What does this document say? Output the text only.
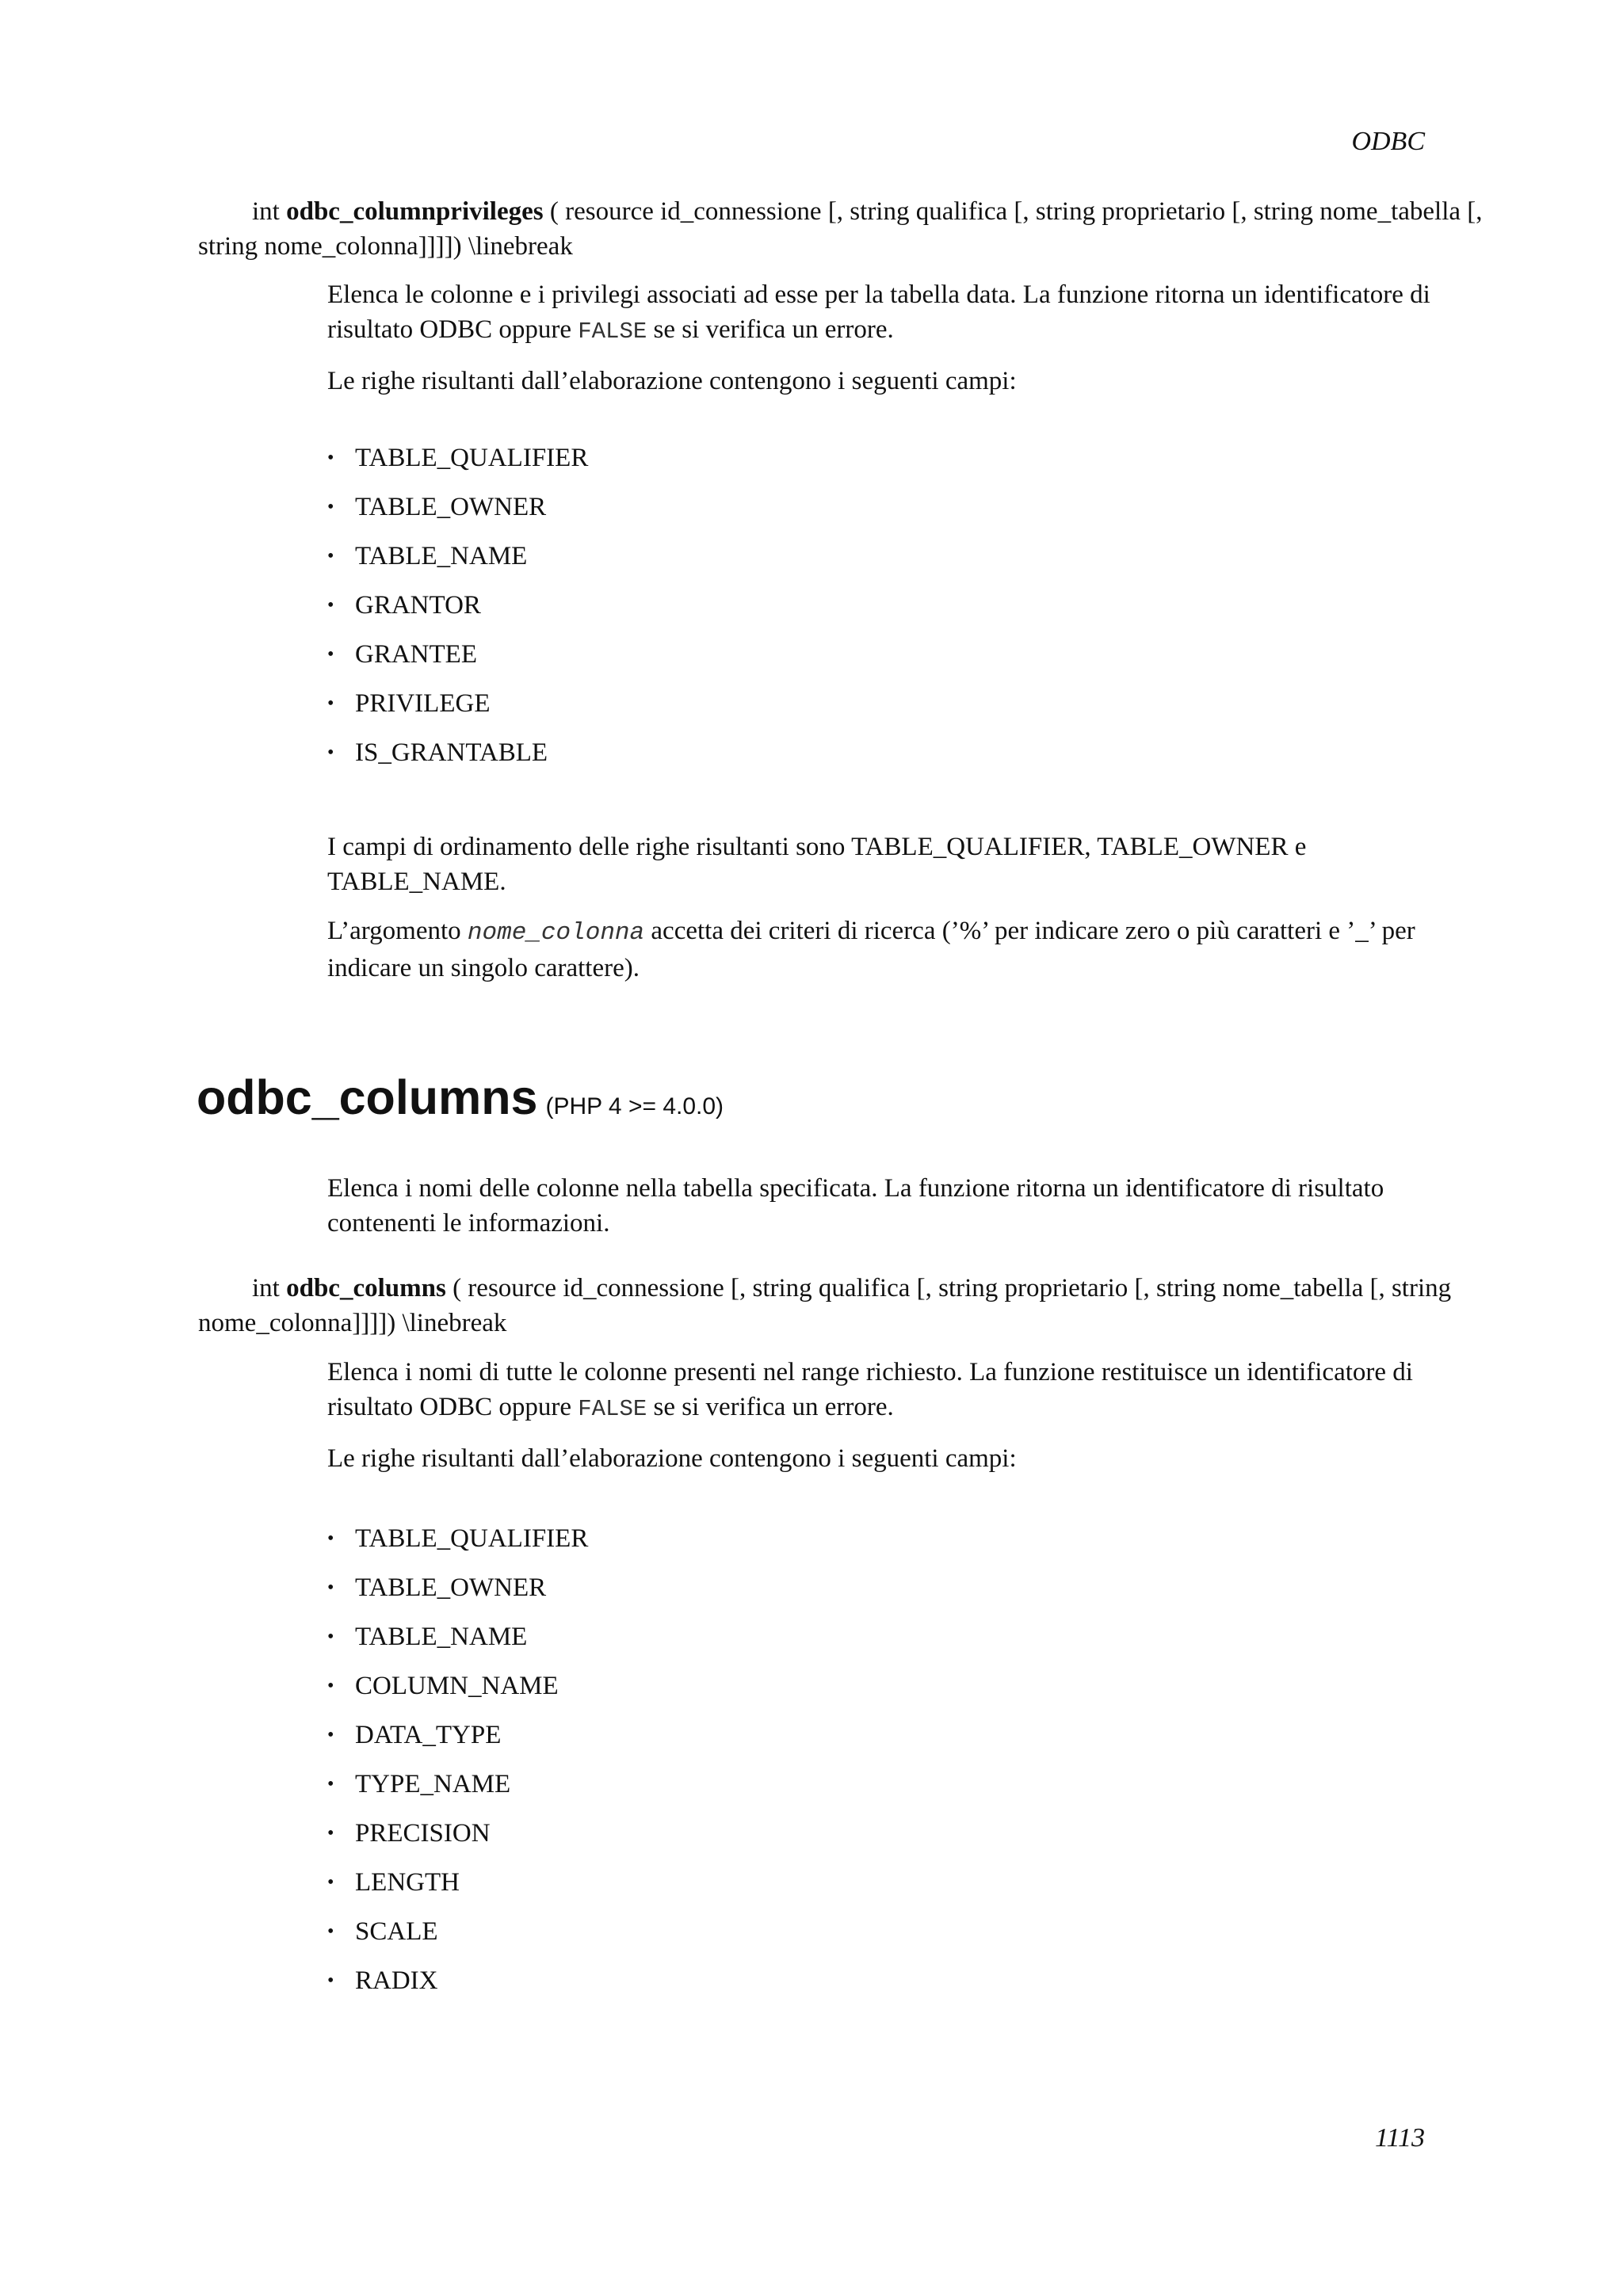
ODBC

int odbc_columnprivileges ( resource id_connessione [, string qualifica [, string proprietario [, string nome_tabella [, string nome_colonna]]]]) \linebreak

Elenca le colonne e i privilegi associati ad esse per la tabella data. La funzione ritorna un identificatore di risultato ODBC oppure FALSE se si verifica un errore.

Le righe risultanti dall’elaborazione contengono i seguenti campi:

• TABLE_QUALIFIER
• TABLE_OWNER
• TABLE_NAME
• GRANTOR
• GRANTEE
• PRIVILEGE
• IS_GRANTABLE

I campi di ordinamento delle righe risultanti sono TABLE_QUALIFIER, TABLE_OWNER e TABLE_NAME.

L’argomento nome_colonna accetta dei criteri di ricerca (’%’ per indicare zero o più caratteri e ’_’ per indicare un singolo carattere).

odbc_columns (PHP 4 >= 4.0.0)

Elenca i nomi delle colonne nella tabella specificata. La funzione ritorna un identificatore di risultato contenenti le informazioni.

int odbc_columns ( resource id_connessione [, string qualifica [, string proprietario [, string nome_tabella [, string nome_colonna]]]]) \linebreak

Elenca i nomi di tutte le colonne presenti nel range richiesto. La funzione restituisce un identificatore di risultato ODBC oppure FALSE se si verifica un errore.

Le righe risultanti dall’elaborazione contengono i seguenti campi:

• TABLE_QUALIFIER
• TABLE_OWNER
• TABLE_NAME
• COLUMN_NAME
• DATA_TYPE
• TYPE_NAME
• PRECISION
• LENGTH
• SCALE
• RADIX
1113
